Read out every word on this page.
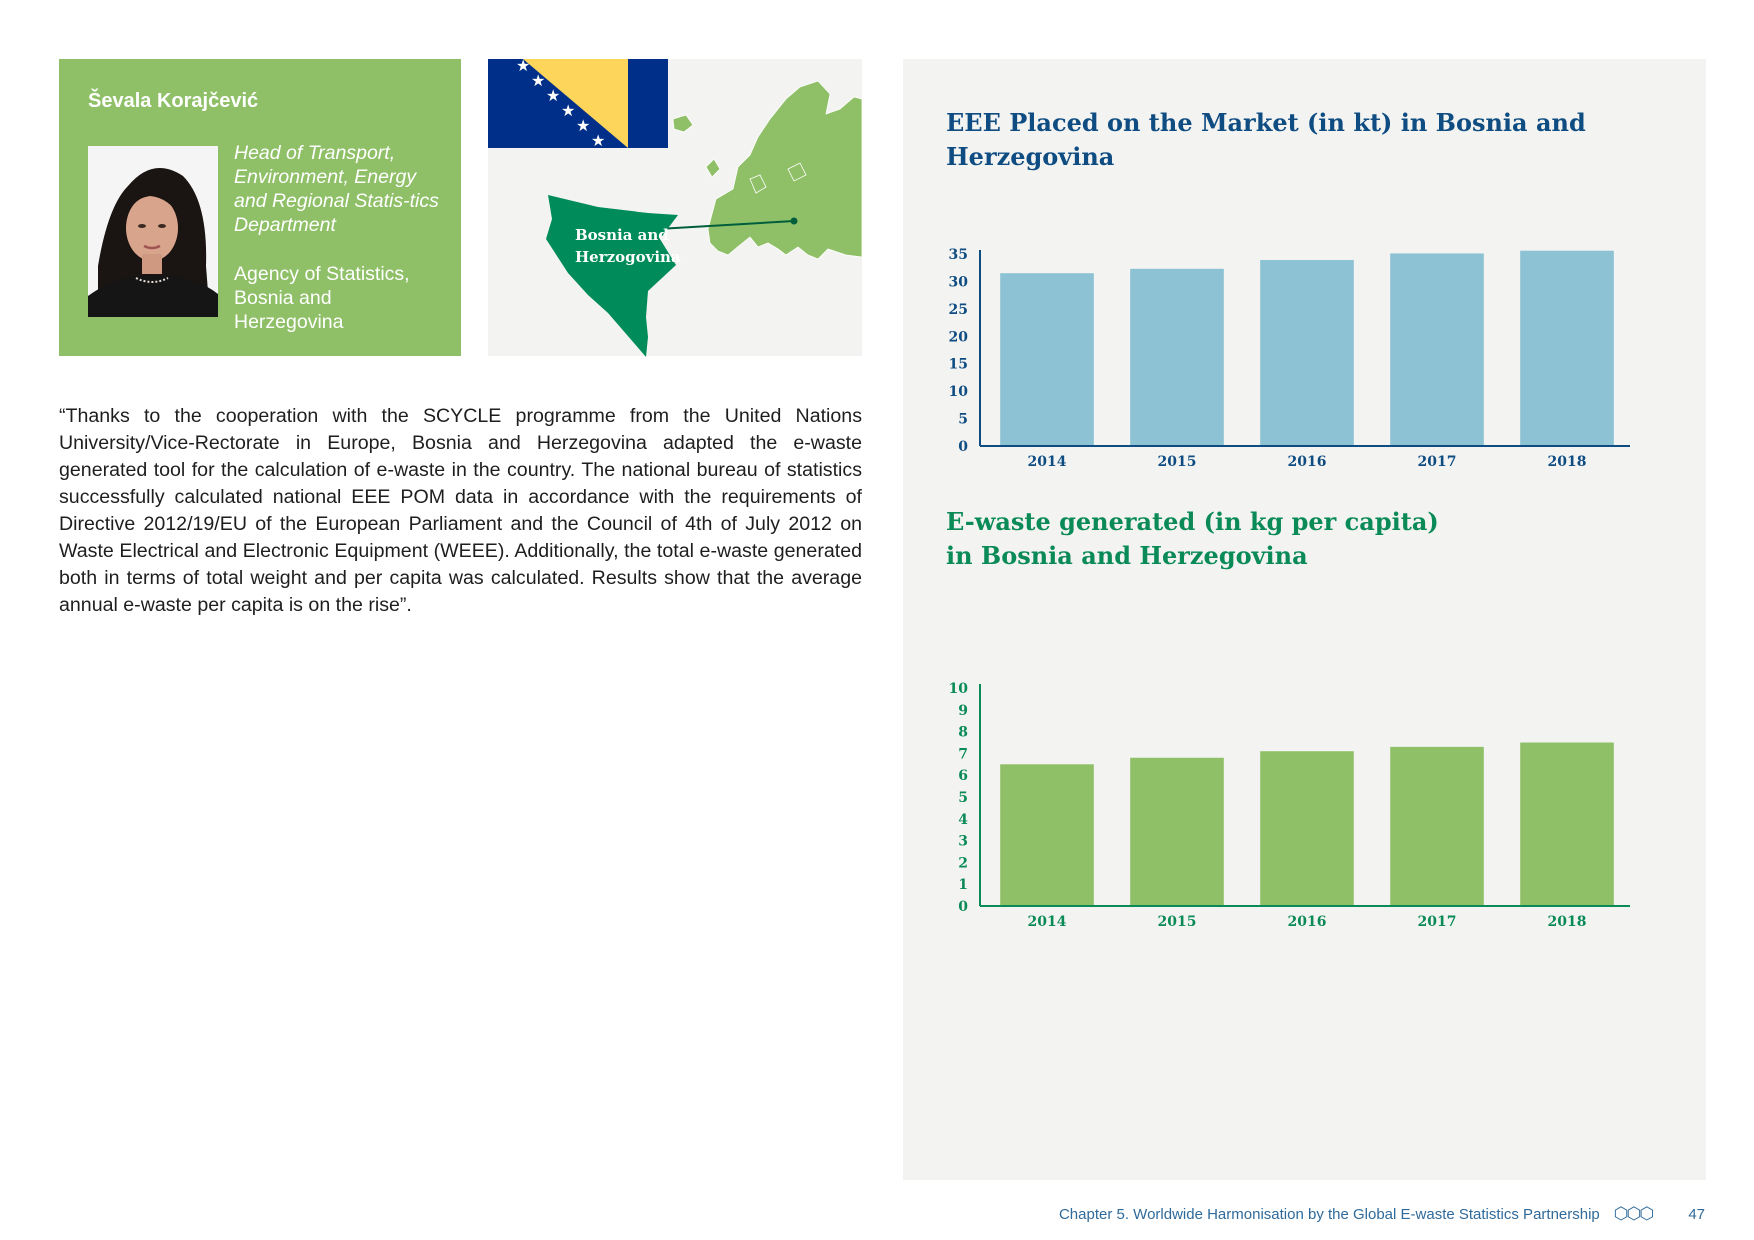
Ševala Korajčević
Head of Transport, Environment, Energy and Regional Statis-tics Department
Agency of Statistics, Bosnia and Herzegovina
★
★
★
★
★
★
Bosnia and
Herzogovina

“Thanks to the cooperation with the SCYCLE programme from the United Nations University/Vice-Rectorate in Europe, Bosnia and Herzegovina adapted the e-waste generated tool for the calculation of e-waste in the country. The national bureau of statistics successfully calculated national EEE POM data in accordance with the requirements of Directive 2012/19/EU of the European Parliament and the Council of 4th of July 2012 on Waste Electrical and Electronic Equipment (WEEE). Additionally, the total e-waste generated both in terms of total weight and per capita was calculated. Results show that the average annual e-waste per capita is on the rise”.

EEE Placed on the Market (in kt) in Bosnia and Herzegovina
0
5
10
15
20
25
30
35
2014	2015	2016	2017	2018
E-waste generated (in kg per capita)
in Bosnia and Herzegovina
0
1
2
3
4
5
6
7
8
9
10
2014	2015	2016	2017	2018
Chapter 5. Worldwide Harmonisation by the Global E-waste Statistics Partnership ⬡⬡⬡ 47
